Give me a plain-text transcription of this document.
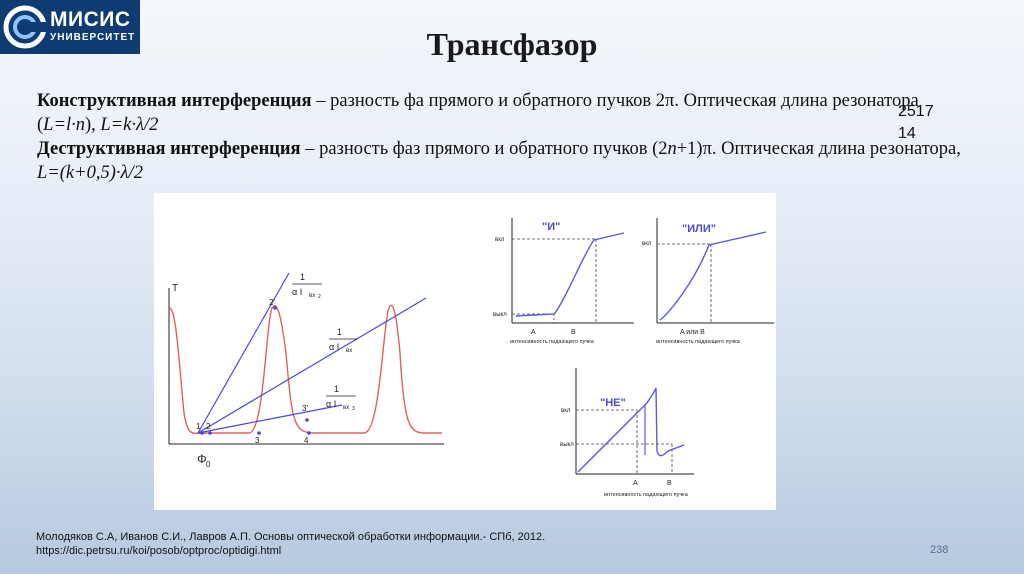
МИСИС
УНИВЕРСИТЕТ	Трансфазор

Конструктивная интерференция – разность фа прямого и обратного пучков 2π. Оптическая длина резонатора (L=l·n), L=k·λ/2

Деструктивная интерференция – разность фаз прямого и обратного пучков (2n+1)π. Оптическая длина резонатора, L=(k+0,5)·λ/2

2517
14
T
Φ 0
1 2
2'
3
3'
4
1
α I вх 2
1
α I вх
1
α I вх 3
"И"
вкл
выкл
A	B
интенсивность падающего пучка
"ИЛИ"
вкл
A или B
интенсивность падающего пучка
"НЕ"
вкл
выкл
A	B
интенсивность падающего пучка
Молодяков С.А, Иванов С.И., Лавров А.П. Основы оптической обработки информации.- СПб, 2012.
https://dic.petrsu.ru/koi/posob/optproc/optidigi.html	238
